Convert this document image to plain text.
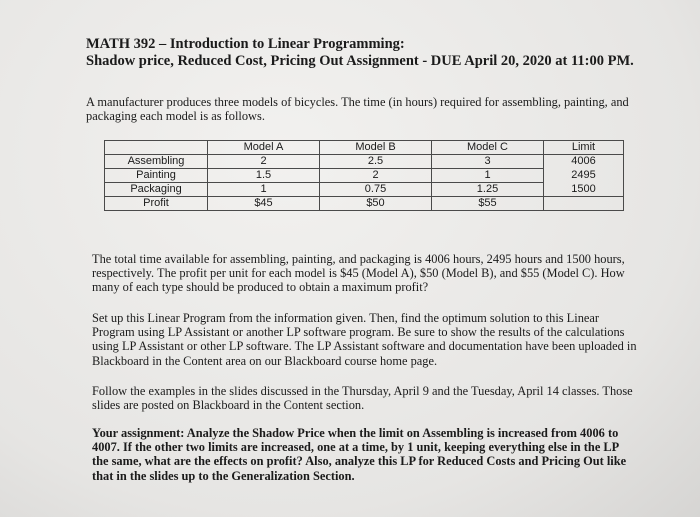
MATH 392 – Introduction to Linear Programming:
Shadow price, Reduced Cost, Pricing Out Assignment - DUE April 20, 2020 at 11:00 PM.
A manufacturer produces three models of bicycles. The time (in hours) required for assembling, painting, and packaging each model is as follows.
	Model A	Model B	Model C	Limit
Assembling	2	2.5	3	4006
Painting	1.5	2	1	2495
Packaging	1	0.75	1.25	1500
Profit	$45	$50	$55	
The total time available for assembling, painting, and packaging is 4006 hours, 2495 hours and 1500 hours, respectively. The profit per unit for each model is $45 (Model A), $50 (Model B), and $55 (Model C). How many of each type should be produced to obtain a maximum profit?
Set up this Linear Program from the information given. Then, find the optimum solution to this Linear Program using LP Assistant or another LP software program. Be sure to show the results of the calculations using LP Assistant or other LP software. The LP Assistant software and documentation have been uploaded in Blackboard in the Content area on our Blackboard course home page.
Follow the examples in the slides discussed in the Thursday, April 9 and the Tuesday, April 14 classes. Those slides are posted on Blackboard in the Content section.
Your assignment: Analyze the Shadow Price when the limit on Assembling is increased from 4006 to 4007. If the other two limits are increased, one at a time, by 1 unit, keeping everything else in the LP the same, what are the effects on profit? Also, analyze this LP for Reduced Costs and Pricing Out like that in the slides up to the Generalization Section.
